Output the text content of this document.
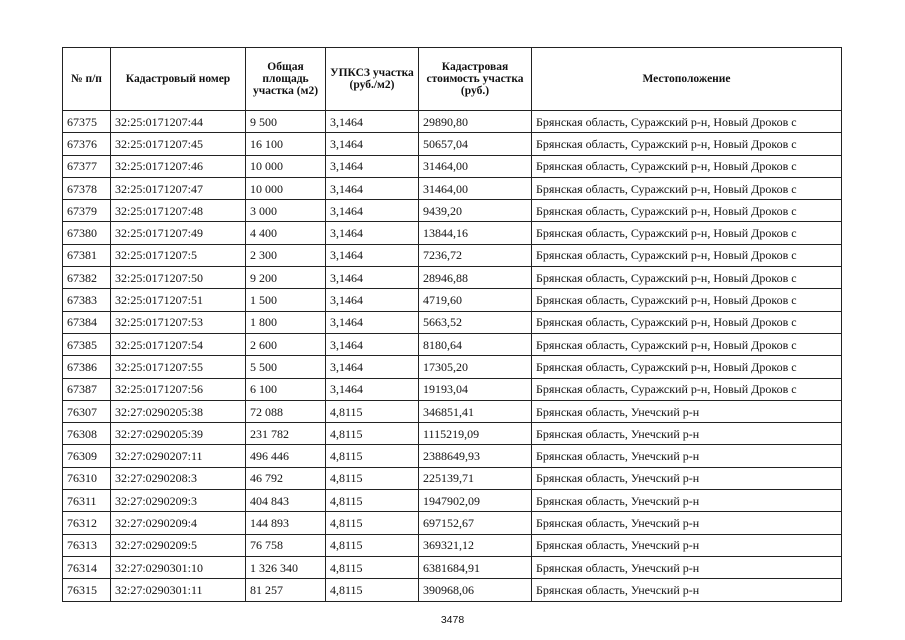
№ п/п	Кадастровый номер	Общая площадь участка (м2)	УПКСЗ участка (руб./м2)	Кадастровая стоимость участка (руб.)	Местоположение
67375	32:25:0171207:44	9 500	3,1464	29890,80	Брянская область, Суражский р-н, Новый Дроков с
67376	32:25:0171207:45	16 100	3,1464	50657,04	Брянская область, Суражский р-н, Новый Дроков с
67377	32:25:0171207:46	10 000	3,1464	31464,00	Брянская область, Суражский р-н, Новый Дроков с
67378	32:25:0171207:47	10 000	3,1464	31464,00	Брянская область, Суражский р-н, Новый Дроков с
67379	32:25:0171207:48	3 000	3,1464	9439,20	Брянская область, Суражский р-н, Новый Дроков с
67380	32:25:0171207:49	4 400	3,1464	13844,16	Брянская область, Суражский р-н, Новый Дроков с
67381	32:25:0171207:5	2 300	3,1464	7236,72	Брянская область, Суражский р-н, Новый Дроков с
67382	32:25:0171207:50	9 200	3,1464	28946,88	Брянская область, Суражский р-н, Новый Дроков с
67383	32:25:0171207:51	1 500	3,1464	4719,60	Брянская область, Суражский р-н, Новый Дроков с
67384	32:25:0171207:53	1 800	3,1464	5663,52	Брянская область, Суражский р-н, Новый Дроков с
67385	32:25:0171207:54	2 600	3,1464	8180,64	Брянская область, Суражский р-н, Новый Дроков с
67386	32:25:0171207:55	5 500	3,1464	17305,20	Брянская область, Суражский р-н, Новый Дроков с
67387	32:25:0171207:56	6 100	3,1464	19193,04	Брянская область, Суражский р-н, Новый Дроков с
76307	32:27:0290205:38	72 088	4,8115	346851,41	Брянская область, Унечский р-н
76308	32:27:0290205:39	231 782	4,8115	1115219,09	Брянская область, Унечский р-н
76309	32:27:0290207:11	496 446	4,8115	2388649,93	Брянская область, Унечский р-н
76310	32:27:0290208:3	46 792	4,8115	225139,71	Брянская область, Унечский р-н
76311	32:27:0290209:3	404 843	4,8115	1947902,09	Брянская область, Унечский р-н
76312	32:27:0290209:4	144 893	4,8115	697152,67	Брянская область, Унечский р-н
76313	32:27:0290209:5	76 758	4,8115	369321,12	Брянская область, Унечский р-н
76314	32:27:0290301:10	1 326 340	4,8115	6381684,91	Брянская область, Унечский р-н
76315	32:27:0290301:11	81 257	4,8115	390968,06	Брянская область, Унечский р-н
3478
